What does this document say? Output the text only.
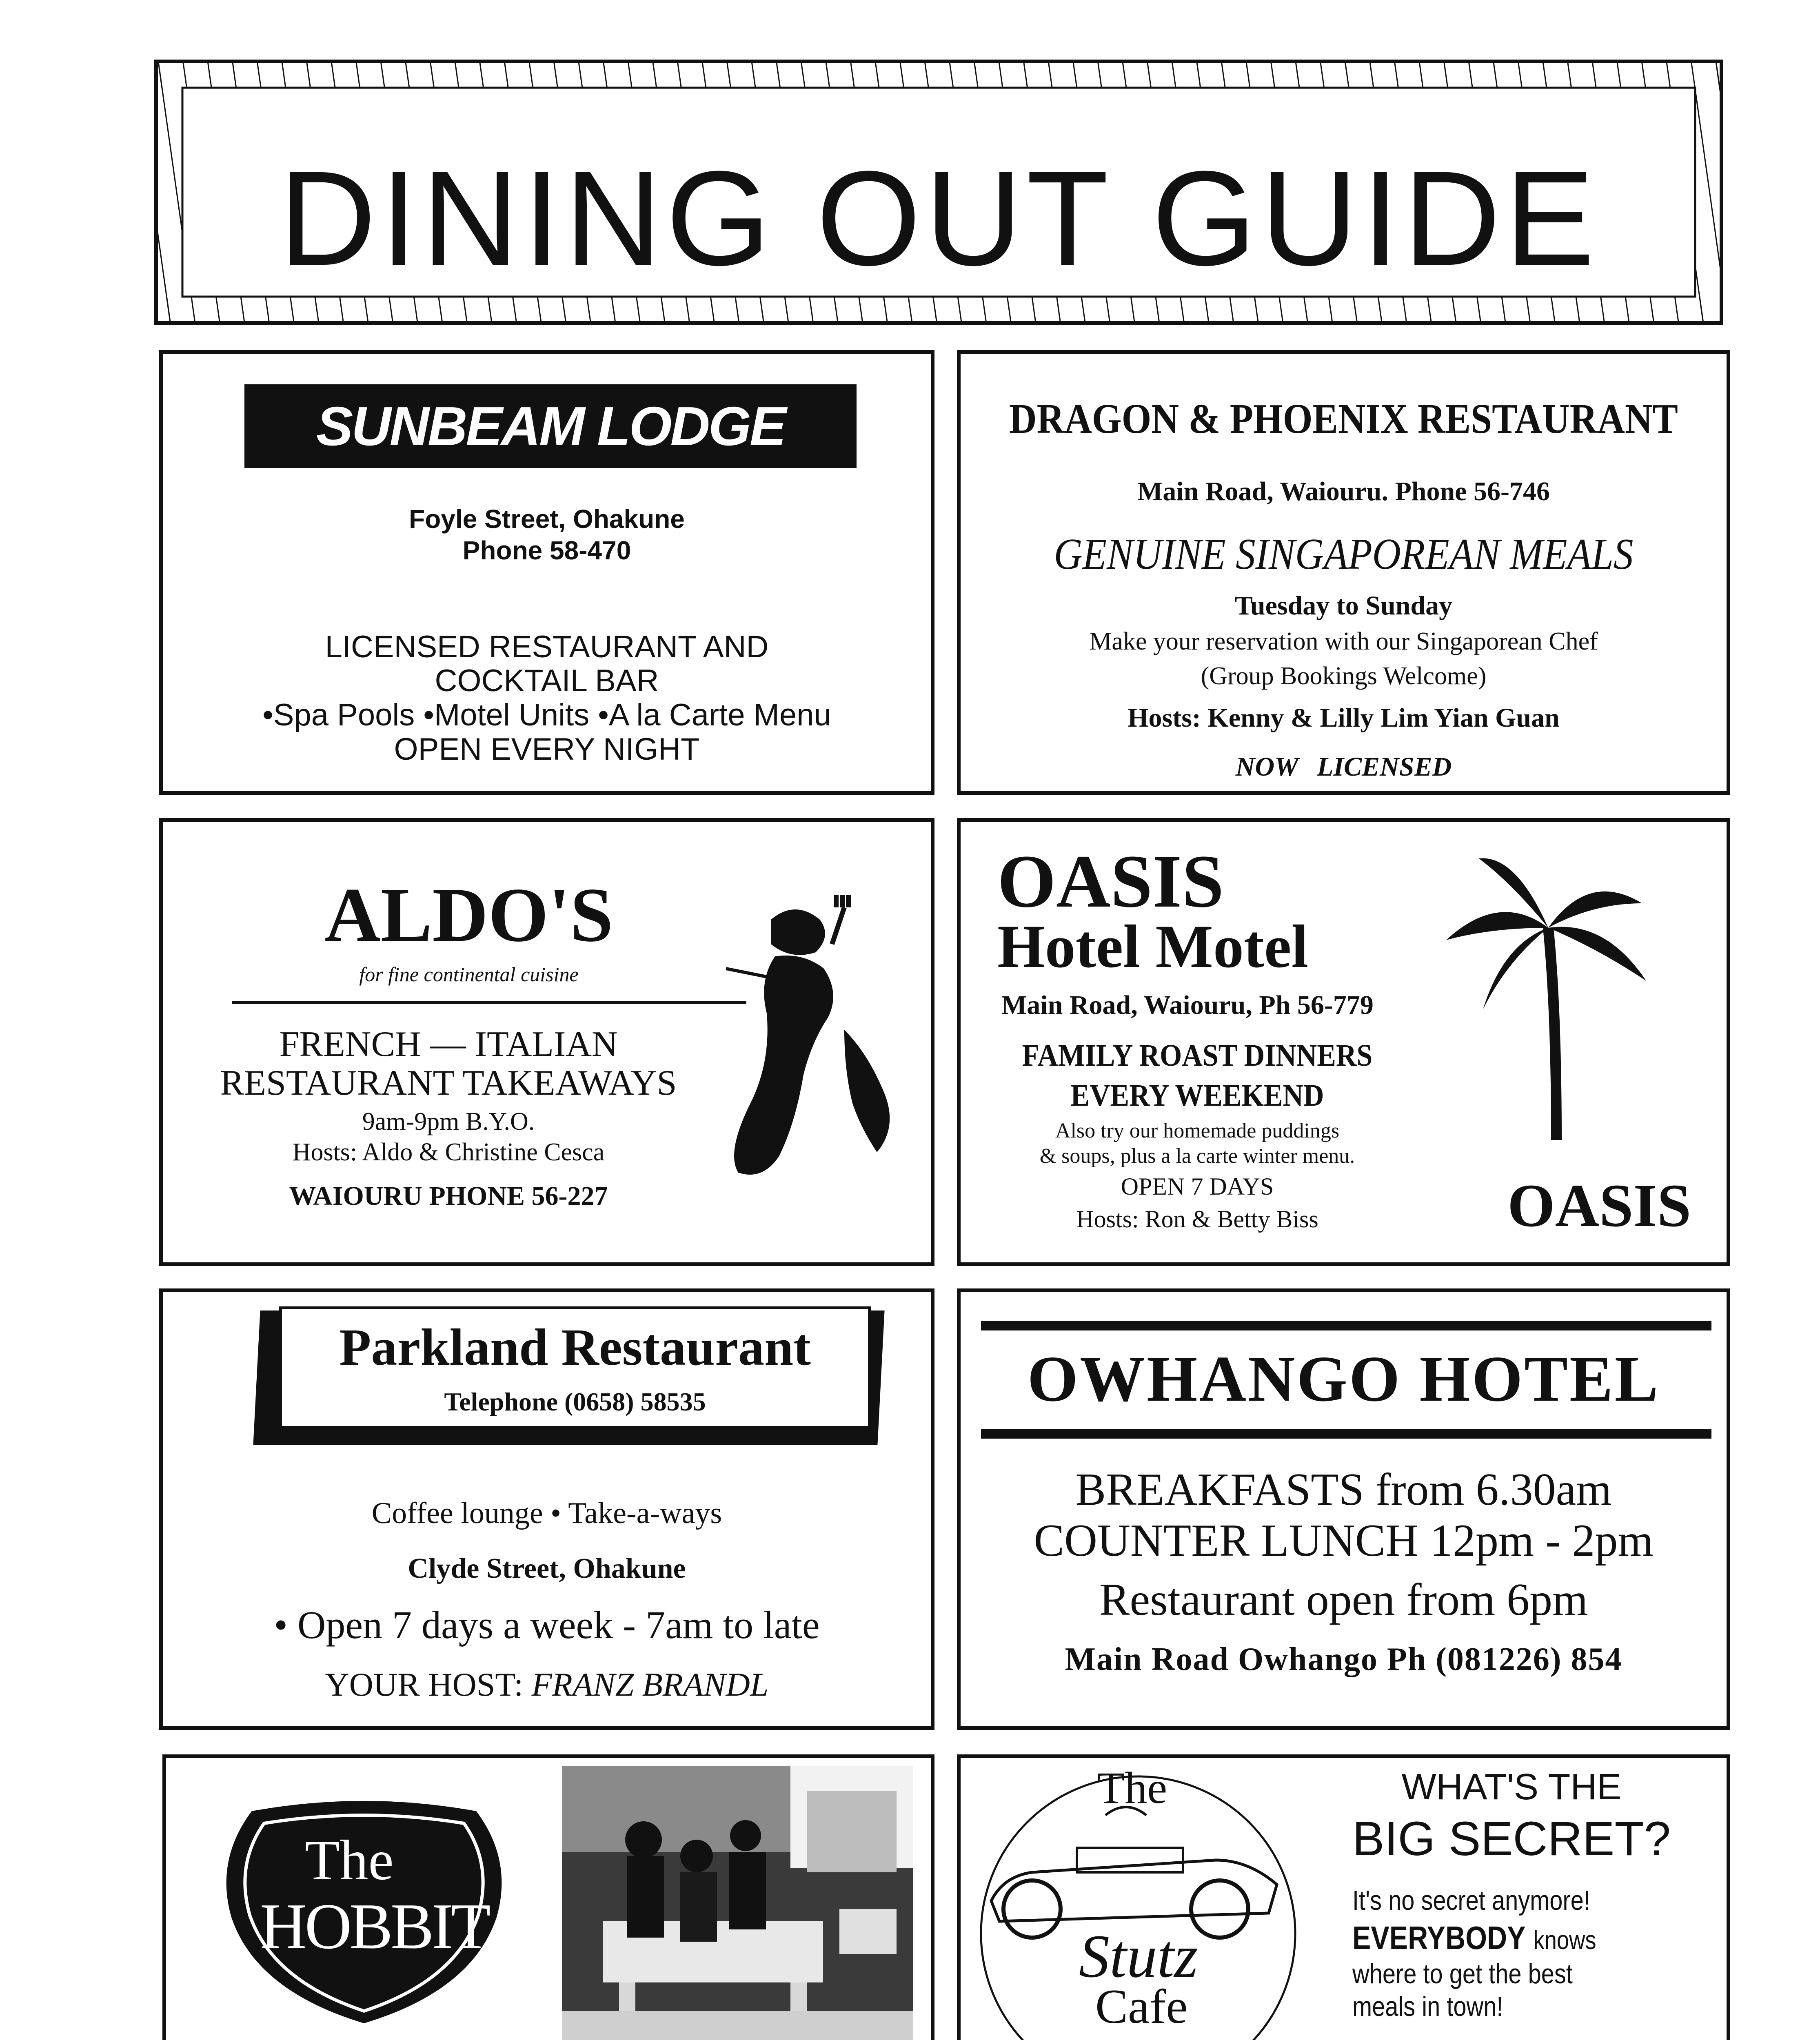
DINING OUT GUIDE
SUNBEAM LODGE
Foyle Street, Ohakune
Phone 58-470
LICENSED RESTAURANT AND
COCKTAIL BAR
•Spa Pools •Motel Units •A la Carte Menu
OPEN EVERY NIGHT
DRAGON & PHOENIX RESTAURANT
Main Road, Waiouru. Phone 56-746
GENUINE SINGAPOREAN MEALS
Tuesday to Sunday
Make your reservation with our Singaporean Chef
(Group Bookings Welcome)
Hosts: Kenny & Lilly Lim Yian Guan
NOW LICENSED
ALDO'S
for fine continental cuisine
FRENCH — ITALIAN
RESTAURANT TAKEAWAYS
9am-9pm B.Y.O.
Hosts: Aldo & Christine Cesca
WAIOURU PHONE 56-227
OASIS
Hotel Motel
Main Road, Waiouru, Ph 56-779
FAMILY ROAST DINNERS
EVERY WEEKEND
Also try our homemade puddings
& soups, plus a la carte winter menu.
OPEN 7 DAYS
Hosts: Ron & Betty Biss	OASIS
Parkland Restaurant
Telephone (0658) 58535
Coffee lounge • Take-a-ways
Clyde Street, Ohakune
• Open 7 days a week - 7am to late
YOUR HOST: FRANZ BRANDL
OWHANGO HOTEL
BREAKFASTS from 6.30am
COUNTER LUNCH 12pm - 2pm
Restaurant open from 6pm
Main Road Owhango Ph (081226) 854
The
HOBBIT
The
Stutz
Cafe
WHAT'S THE
BIG SECRET?
It's no secret anymore!
EVERYBODY knows
where to get the best
meals in town!
